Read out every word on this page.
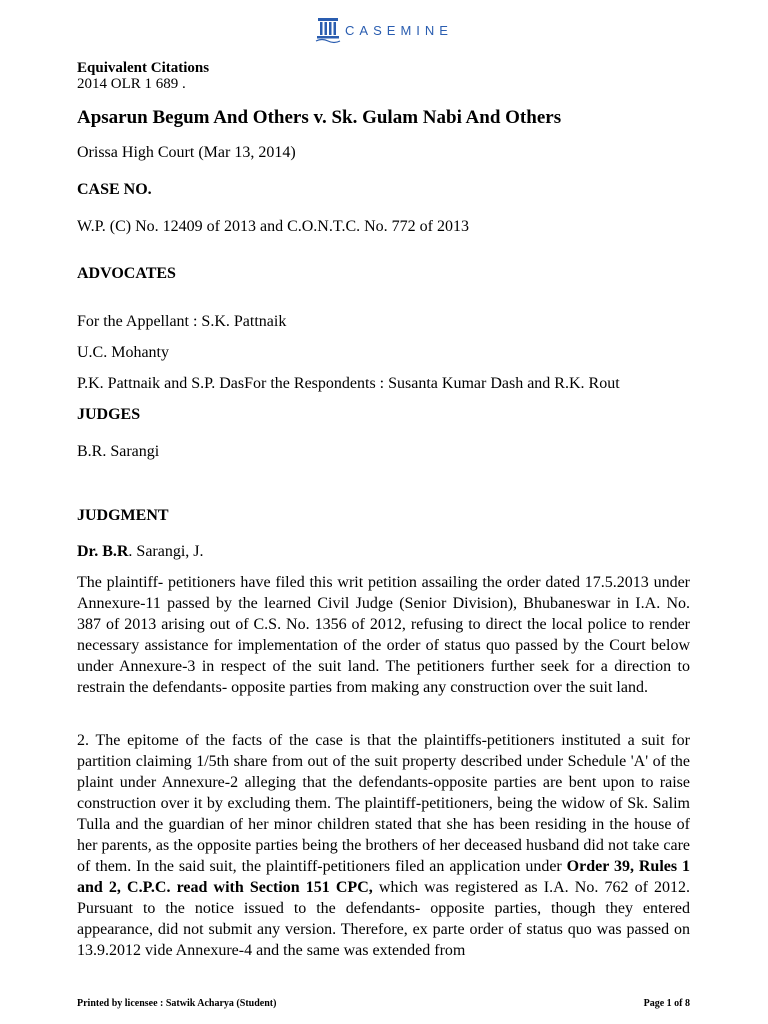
CASEMINE
Equivalent Citations
2014 OLR 1 689 .
Apsarun Begum And Others v. Sk. Gulam Nabi And Others
Orissa High Court (Mar 13, 2014)
CASE NO.
W.P. (C) No. 12409 of 2013 and C.O.N.T.C. No. 772 of 2013
ADVOCATES
For the Appellant : S.K. Pattnaik
U.C. Mohanty
P.K. Pattnaik and S.P. DasFor the Respondents : Susanta Kumar Dash and R.K. Rout
JUDGES
B.R. Sarangi
JUDGMENT
Dr. B.R. Sarangi, J.

The plaintiff- petitioners have filed this writ petition assailing the order dated 17.5.2013 under Annexure-11 passed by the learned Civil Judge (Senior Division), Bhubaneswar in I.A. No. 387 of 2013 arising out of C.S. No. 1356 of 2012, refusing to direct the local police to render necessary assistance for implementation of the order of status quo passed by the Court below under Annexure-3 in respect of the suit land. The petitioners further seek for a direction to restrain the defendants- opposite parties from making any construction over the suit land.

2. The epitome of the facts of the case is that the plaintiffs-petitioners instituted a suit for partition claiming 1/5th share from out of the suit property described under Schedule 'A' of the plaint under Annexure-2 alleging that the defendants-opposite parties are bent upon to raise construction over it by excluding them. The plaintiff-petitioners, being the widow of Sk. Salim Tulla and the guardian of her minor children stated that she has been residing in the house of her parents, as the opposite parties being the brothers of her deceased husband did not take care of them. In the said suit, the plaintiff-petitioners filed an application under Order 39, Rules 1 and 2, C.P.C. read with Section 151 CPC, which was registered as I.A. No. 762 of 2012. Pursuant to the notice issued to the defendants- opposite parties, though they entered appearance, did not submit any version. Therefore, ex parte order of status quo was passed on 13.9.2012 vide Annexure-4 and the same was extended from

Printed by licensee : Satwik Acharya (Student)	Page 1 of 8
